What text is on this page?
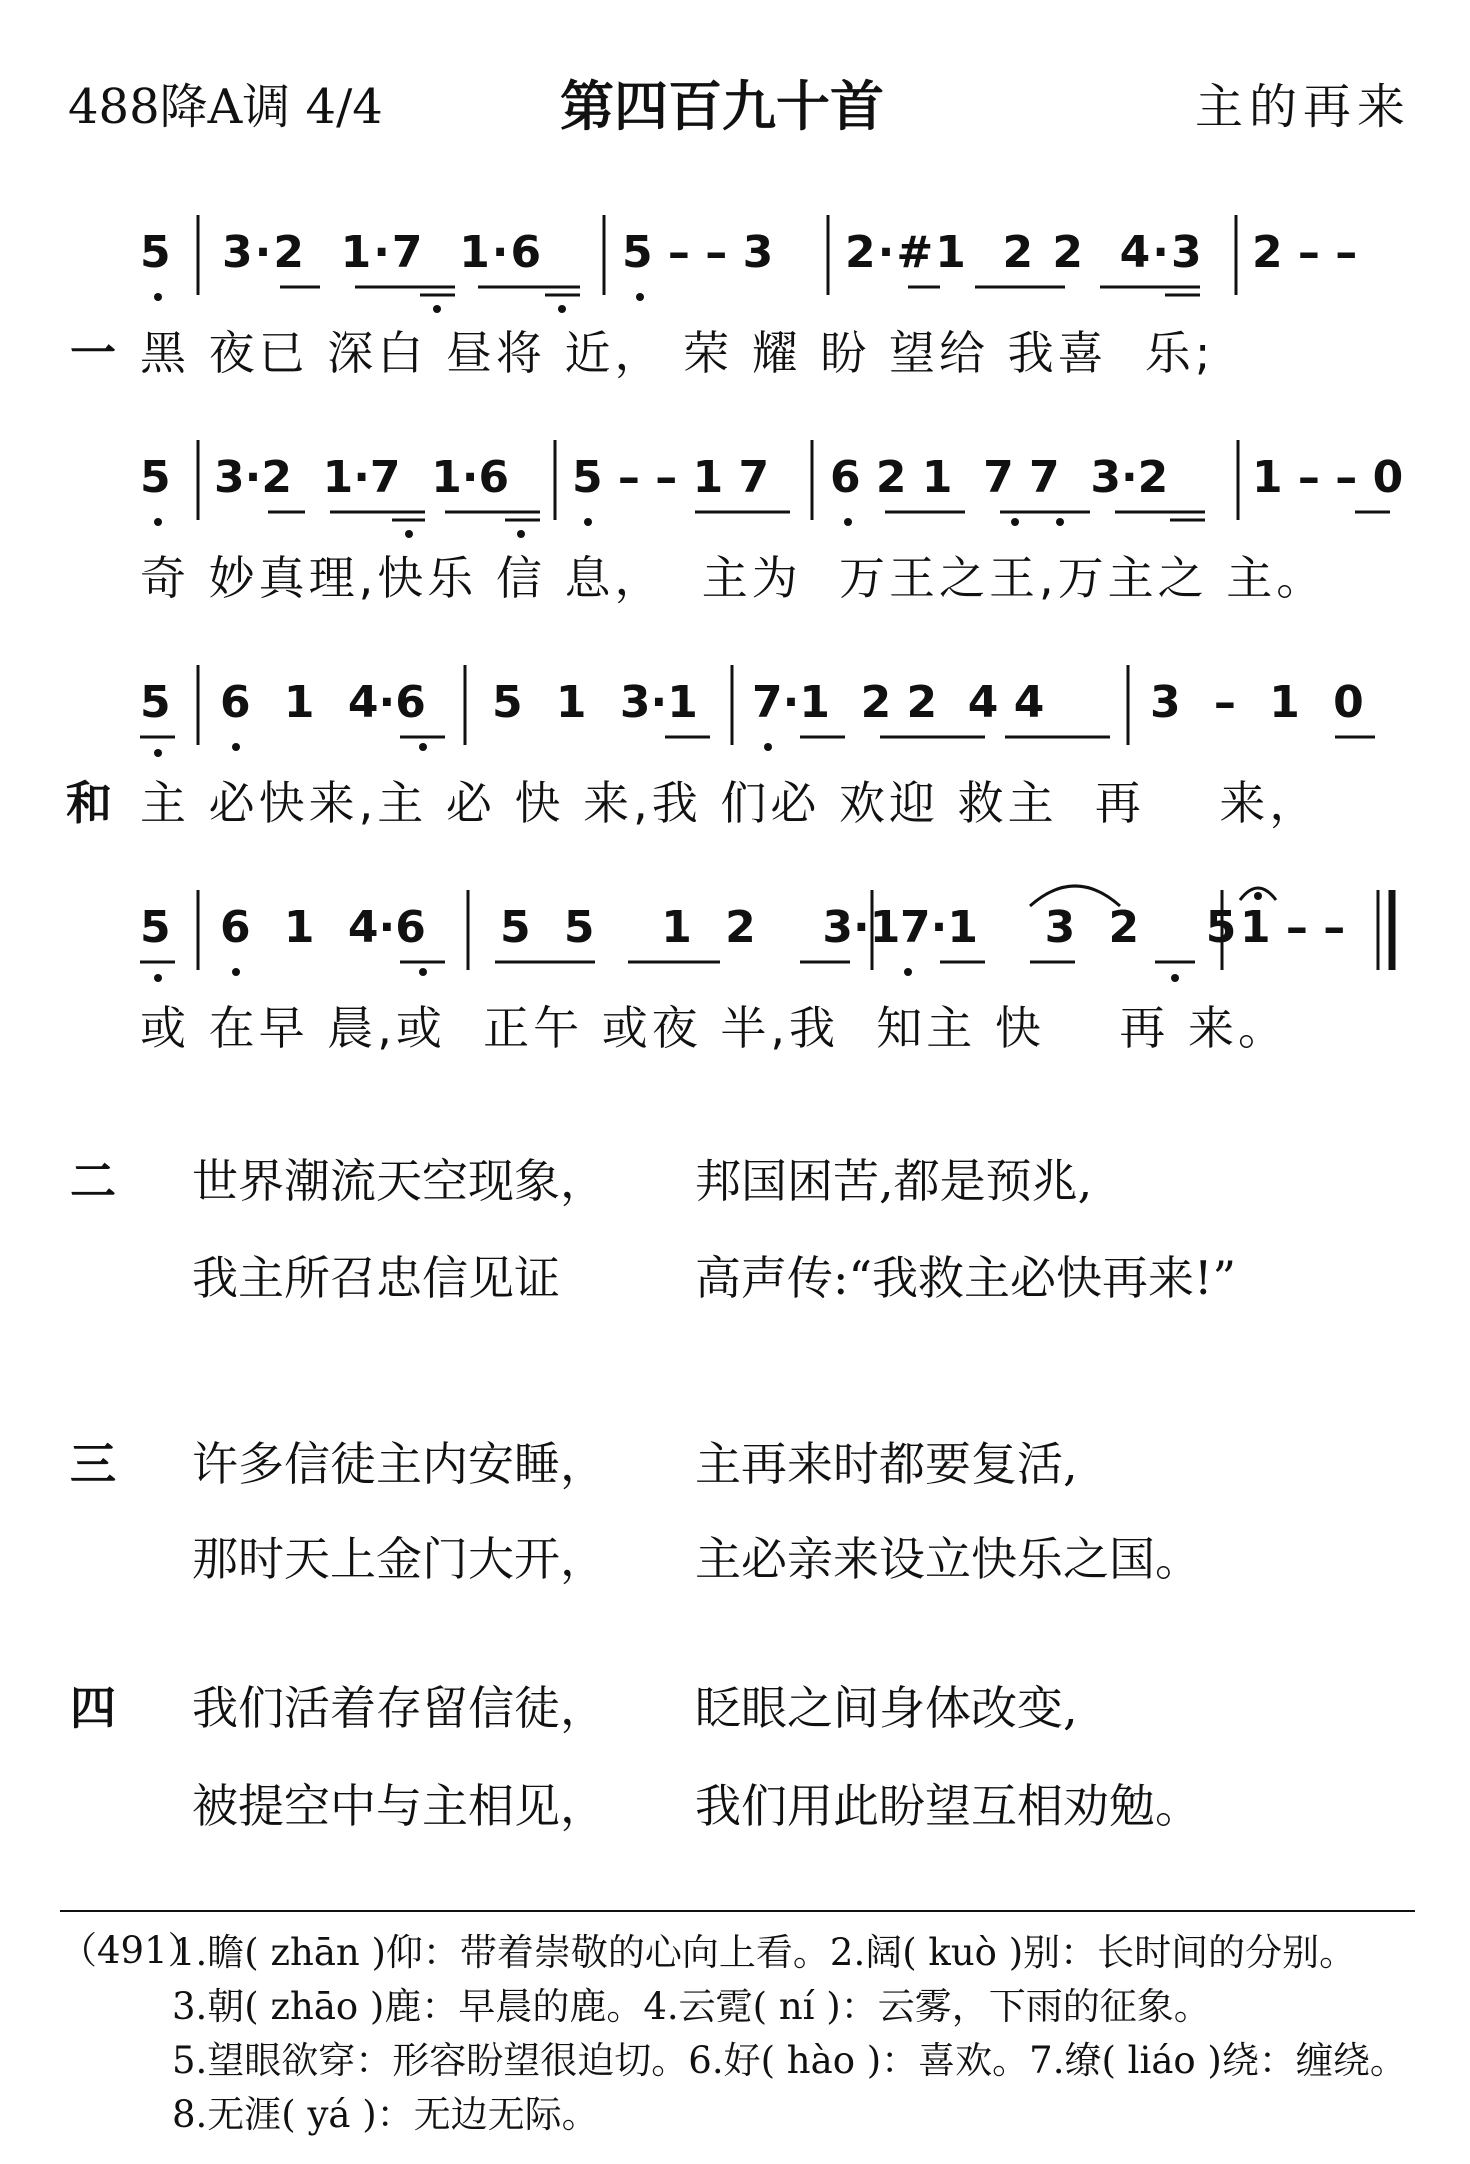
488降A调 4/4	第四百九十首	主的再来
5 3·2 1·7 1·6 5 – – 3 2·#1 2 2 4·3 2 – –
一 黑 夜已 深白 昼将 近， 荣 耀 盼 望给 我喜  乐;
5 3·2 1·7 1·6 5 – – 1 7 6 2 1 7 7 3·2 1 – – 0
奇 妙真理,快乐 信 息，  主为  万王之王,万主之 主。
5 6 1 4·6 5 1 3·1 7·1 2 2 4 4 3 – 1 0
和 主 必快来,主 必 快 来,我 们必 欢迎 救主  再    来，
5 6 1 4·6 5 5 1 2 3·1 7·1 3 2 5 1 – –
或 在早 晨,或  正午 或夜 半,我  知主 快    再 来。
二 世界潮流天空现象， 邦国困苦,都是预兆,
我主所召忠信见证	高声传:“我救主必快再来!”
三 许多信徒主内安睡， 主再来时都要复活,
那时天上金门大开， 主必亲来设立快乐之国。
四 我们活着存留信徒， 眨眼之间身体改变,
被提空中与主相见， 我们用此盼望互相劝勉。
（491）
1.瞻( zhān )仰：带着崇敬的心向上看。2.阔( kuò )别：长时间的分别。
3.朝( zhāo )鹿：早晨的鹿。4.云霓( ní )：云雾，下雨的征象。
5.望眼欲穿：形容盼望很迫切。6.好( hào )：喜欢。7.缭( liáo )绕：缠绕。
8.无涯( yá )：无边无际。
